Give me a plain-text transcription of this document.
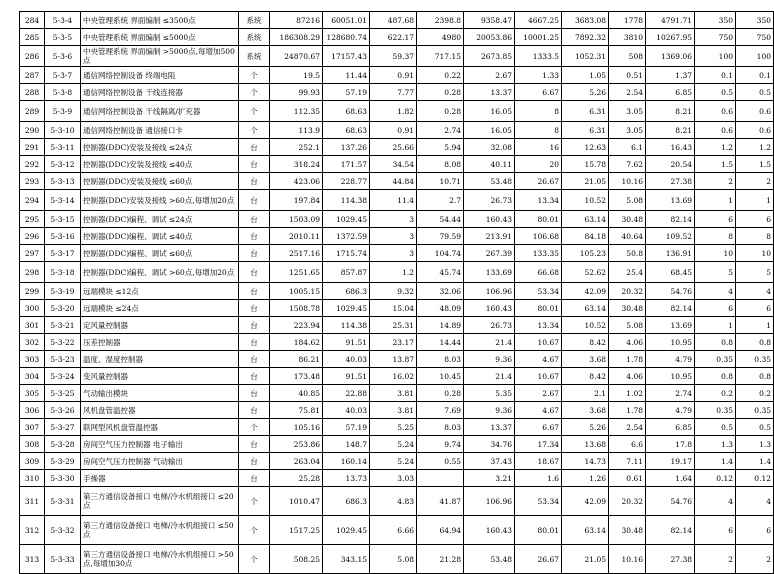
284	5-3-4	中央管理系统 界面编制 ≤3500点	系统	87216	60051.01	487.68	2398.8	9358.47	4667.25	3683.08	1778	4791.71	350	350
285	5-3-5	中央管理系统 界面编制 ≤5000点	系统	186308.29	128680.74	622.17	4980	20053.86	10001.25	7892.32	3810	10267.95	750	750
286	5-3-6	中央管理系统 界面编制 >5000点,每增加500点	系统	24870.67	17157.43	59.37	717.15	2673.85	1333.5	1052.31	508	1369.06	100	100
287	5-3-7	通信网络控制设备 终端电阻	个	19.5	11.44	0.91	0.22	2.67	1.33	1.05	0.51	1.37	0.1	0.1
288	5-3-8	通信网络控制设备 干线连接器	个	99.93	57.19	7.77	0.28	13.37	6.67	5.26	2.54	6.85	0.5	0.5
289	5-3-9	通信网络控制设备 干线隔离/扩充器	个	112.35	68.63	1.82	0.28	16.05	8	6.31	3.05	8.21	0.6	0.6
290	5-3-10	通信网络控制设备 通信接口卡	个	113.9	68.63	0.91	2.74	16.05	8	6.31	3.05	8.21	0.6	0.6
291	5-3-11	控制器(DDC)安装及接线 ≤24点	台	252.1	137.26	25.66	5.94	32.08	16	12.63	6.1	16.43	1.2	1.2
292	5-3-12	控制器(DDC)安装及接线 ≤40点	台	318.24	171.57	34.54	8.08	40.11	20	15.78	7.62	20.54	1.5	1.5
293	5-3-13	控制器(DDC)安装及接线 ≤60点	台	423.06	228.77	44.84	10.71	53.48	26.67	21.05	10.16	27.38	2	2
294	5-3-14	控制器(DDC)安装及接线 >60点,每增加20点	台	197.84	114.38	11.4	2.7	26.73	13.34	10.52	5.08	13.69	1	1
295	5-3-15	控制器(DDC)编程、调试 ≤24点	台	1503.09	1029.45	3	54.44	160.43	80.01	63.14	30.48	82.14	6	6
296	5-3-16	控制器(DDC)编程、调试 ≤40点	台	2010.11	1372.59	3	79.59	213.91	106.68	84.18	40.64	109.52	8	8
297	5-3-17	控制器(DDC)编程、调试 ≤60点	台	2517.16	1715.74	3	104.74	267.39	133.35	105.23	50.8	136.91	10	10
298	5-3-18	控制器(DDC)编程、调试 >60点,每增加20点	台	1251.65	857.87	1.2	45.74	133.69	66.68	52.62	25.4	68.45	5	5
299	5-3-19	远端模块 ≤12点	台	1005.15	686.3	9.32	32.06	106.96	53.34	42.09	20.32	54.76	4	4
300	5-3-20	远端模块 ≤24点	台	1508.78	1029.45	15.04	48.09	160.43	80.01	63.14	30.48	82.14	6	6
301	5-3-21	定风量控制器	台	223.94	114.38	25.31	14.89	26.73	13.34	10.52	5.08	13.69	1	1
302	5-3-22	压差控制器	台	184.62	91.51	23.17	14.44	21.4	10.67	8.42	4.06	10.95	0.8	0.8
303	5-3-23	温度、湿度控制器	台	86.21	40.03	13.87	8.03	9.36	4.67	3.68	1.78	4.79	0.35	0.35
304	5-3-24	变风量控制器	台	173.48	91.51	16.02	10.45	21.4	10.67	8.42	4.06	10.95	0.8	0.8
305	5-3-25	气动输出模块	台	40.85	22.88	3.81	0.28	5.35	2.67	2.1	1.02	2.74	0.2	0.2
306	5-3-26	风机盘管温控器	台	75.81	40.03	3.81	7.69	9.36	4.67	3.68	1.78	4.79	0.35	0.35
307	5-3-27	联网型风机盘管温控器	个	105.16	57.19	5.25	8.03	13.37	6.67	5.26	2.54	6.85	0.5	0.5
308	5-3-28	房间空气压力控制器 电子输出	台	253.86	148.7	5.24	9.74	34.76	17.34	13.68	6.6	17.8	1.3	1.3
309	5-3-29	房间空气压力控制器 气动输出	台	263.04	160.14	5.24	0.55	37.43	18.67	14.73	7.11	19.17	1.4	1.4
310	5-3-30	手操器	台	25.28	13.73	3.03		3.21	1.6	1.26	0.61	1.64	0.12	0.12
311	5-3-31	第三方通信设备接口 电梯/冷水机组接口 ≤20点	个	1010.47	686.3	4.83	41.87	106.96	53.34	42.09	20.32	54.76	4	4
312	5-3-32	第三方通信设备接口 电梯/冷水机组接口 ≤50点	个	1517.25	1029.45	6.66	64.94	160.43	80.01	63.14	30.48	82.14	6	6
313	5-3-33	第三方通信设备接口 电梯/冷水机组接口 >50点,每增加30点	个	508.25	343.15	5.08	21.28	53.48	26.67	21.05	10.16	27.38	2	2
